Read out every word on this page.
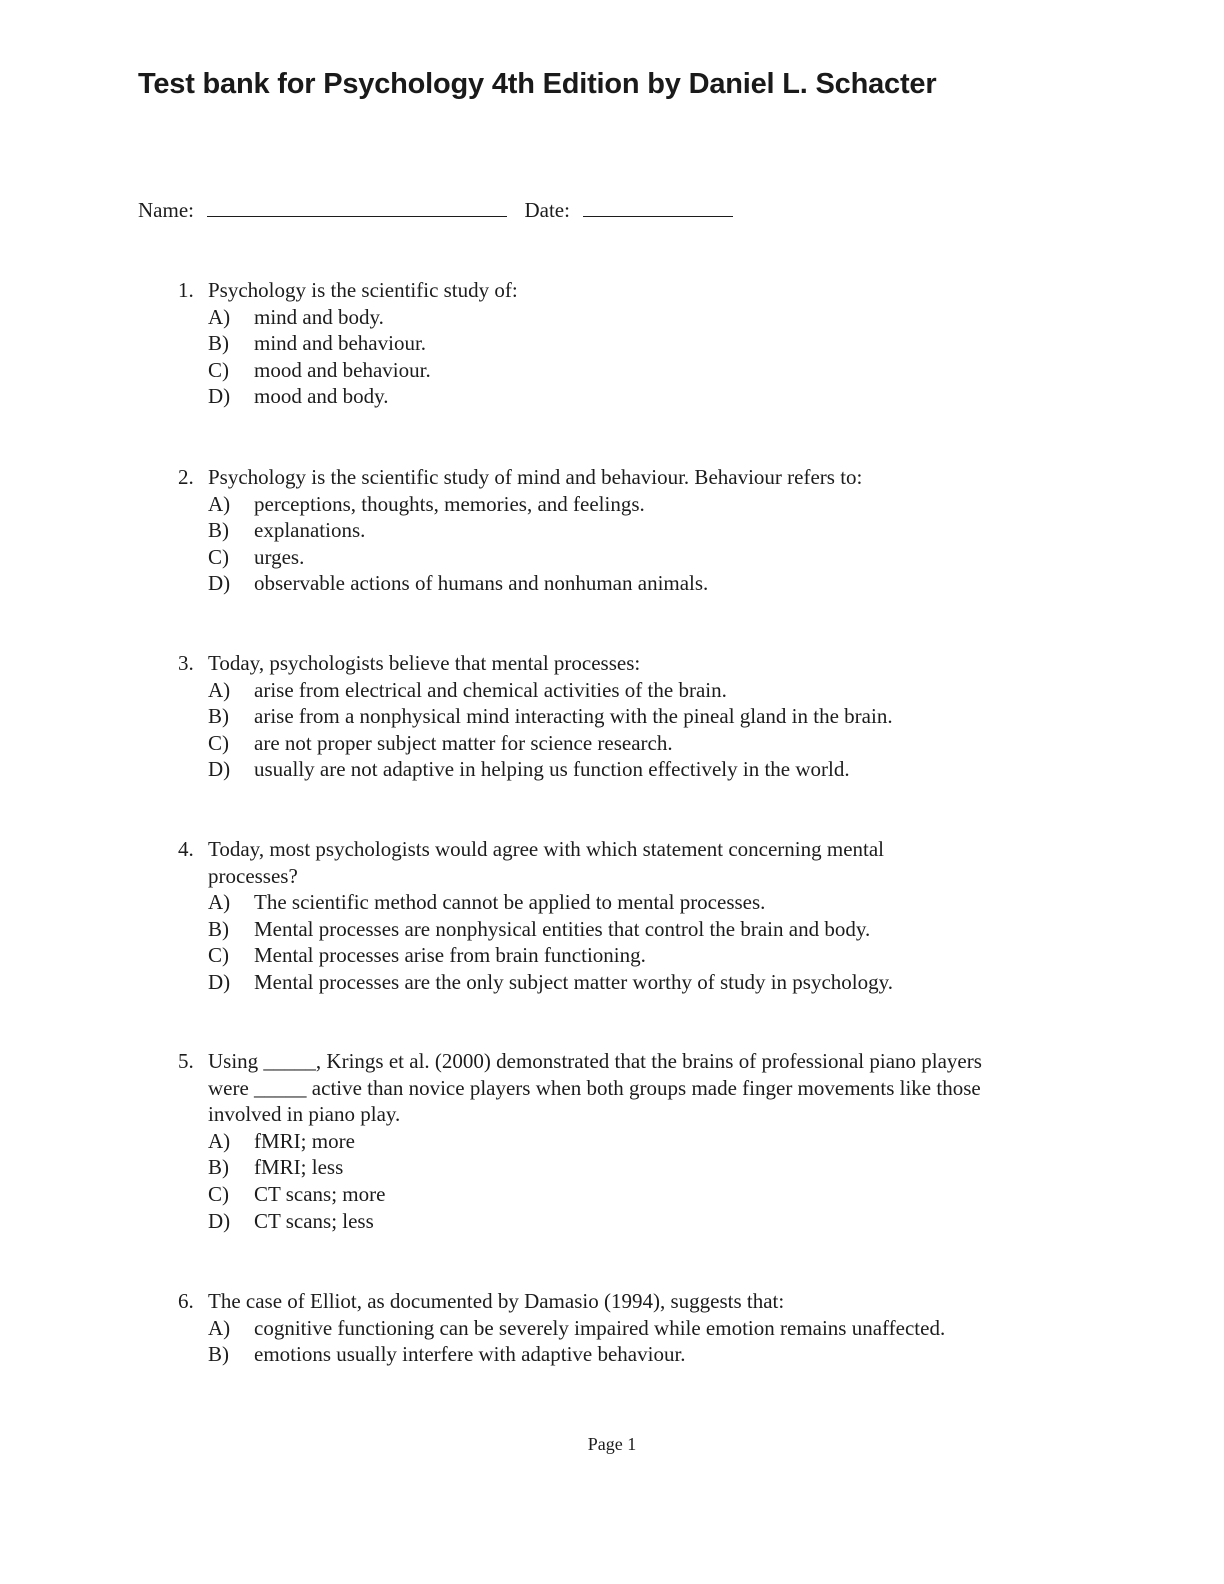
Test bank for Psychology 4th Edition by Daniel L. Schacter
Name:	Date:
1. Psychology is the scientific study of:
A)	mind and body.
B)	mind and behaviour.
C)	mood and behaviour.
D)	mood and body.
2. Psychology is the scientific study of mind and behaviour. Behaviour refers to:
A)	perceptions, thoughts, memories, and feelings.
B)	explanations.
C)	urges.
D)	observable actions of humans and nonhuman animals.
3. Today, psychologists believe that mental processes:
A)	arise from electrical and chemical activities of the brain.
B)	arise from a nonphysical mind interacting with the pineal gland in the brain.
C)	are not proper subject matter for science research.
D)	usually are not adaptive in helping us function effectively in the world.
4. Today, most psychologists would agree with which statement concerning mental processes?
A)	The scientific method cannot be applied to mental processes.
B)	Mental processes are nonphysical entities that control the brain and body.
C)	Mental processes arise from brain functioning.
D)	Mental processes are the only subject matter worthy of study in psychology.
5. Using _____, Krings et al. (2000) demonstrated that the brains of professional piano players were _____ active than novice players when both groups made finger movements like those involved in piano play.
A)	fMRI; more
B)	fMRI; less
C)	CT scans; more
D)	CT scans; less
6. The case of Elliot, as documented by Damasio (1994), suggests that:
A)	cognitive functioning can be severely impaired while emotion remains unaffected.
B)	emotions usually interfere with adaptive behaviour.
Page 1
